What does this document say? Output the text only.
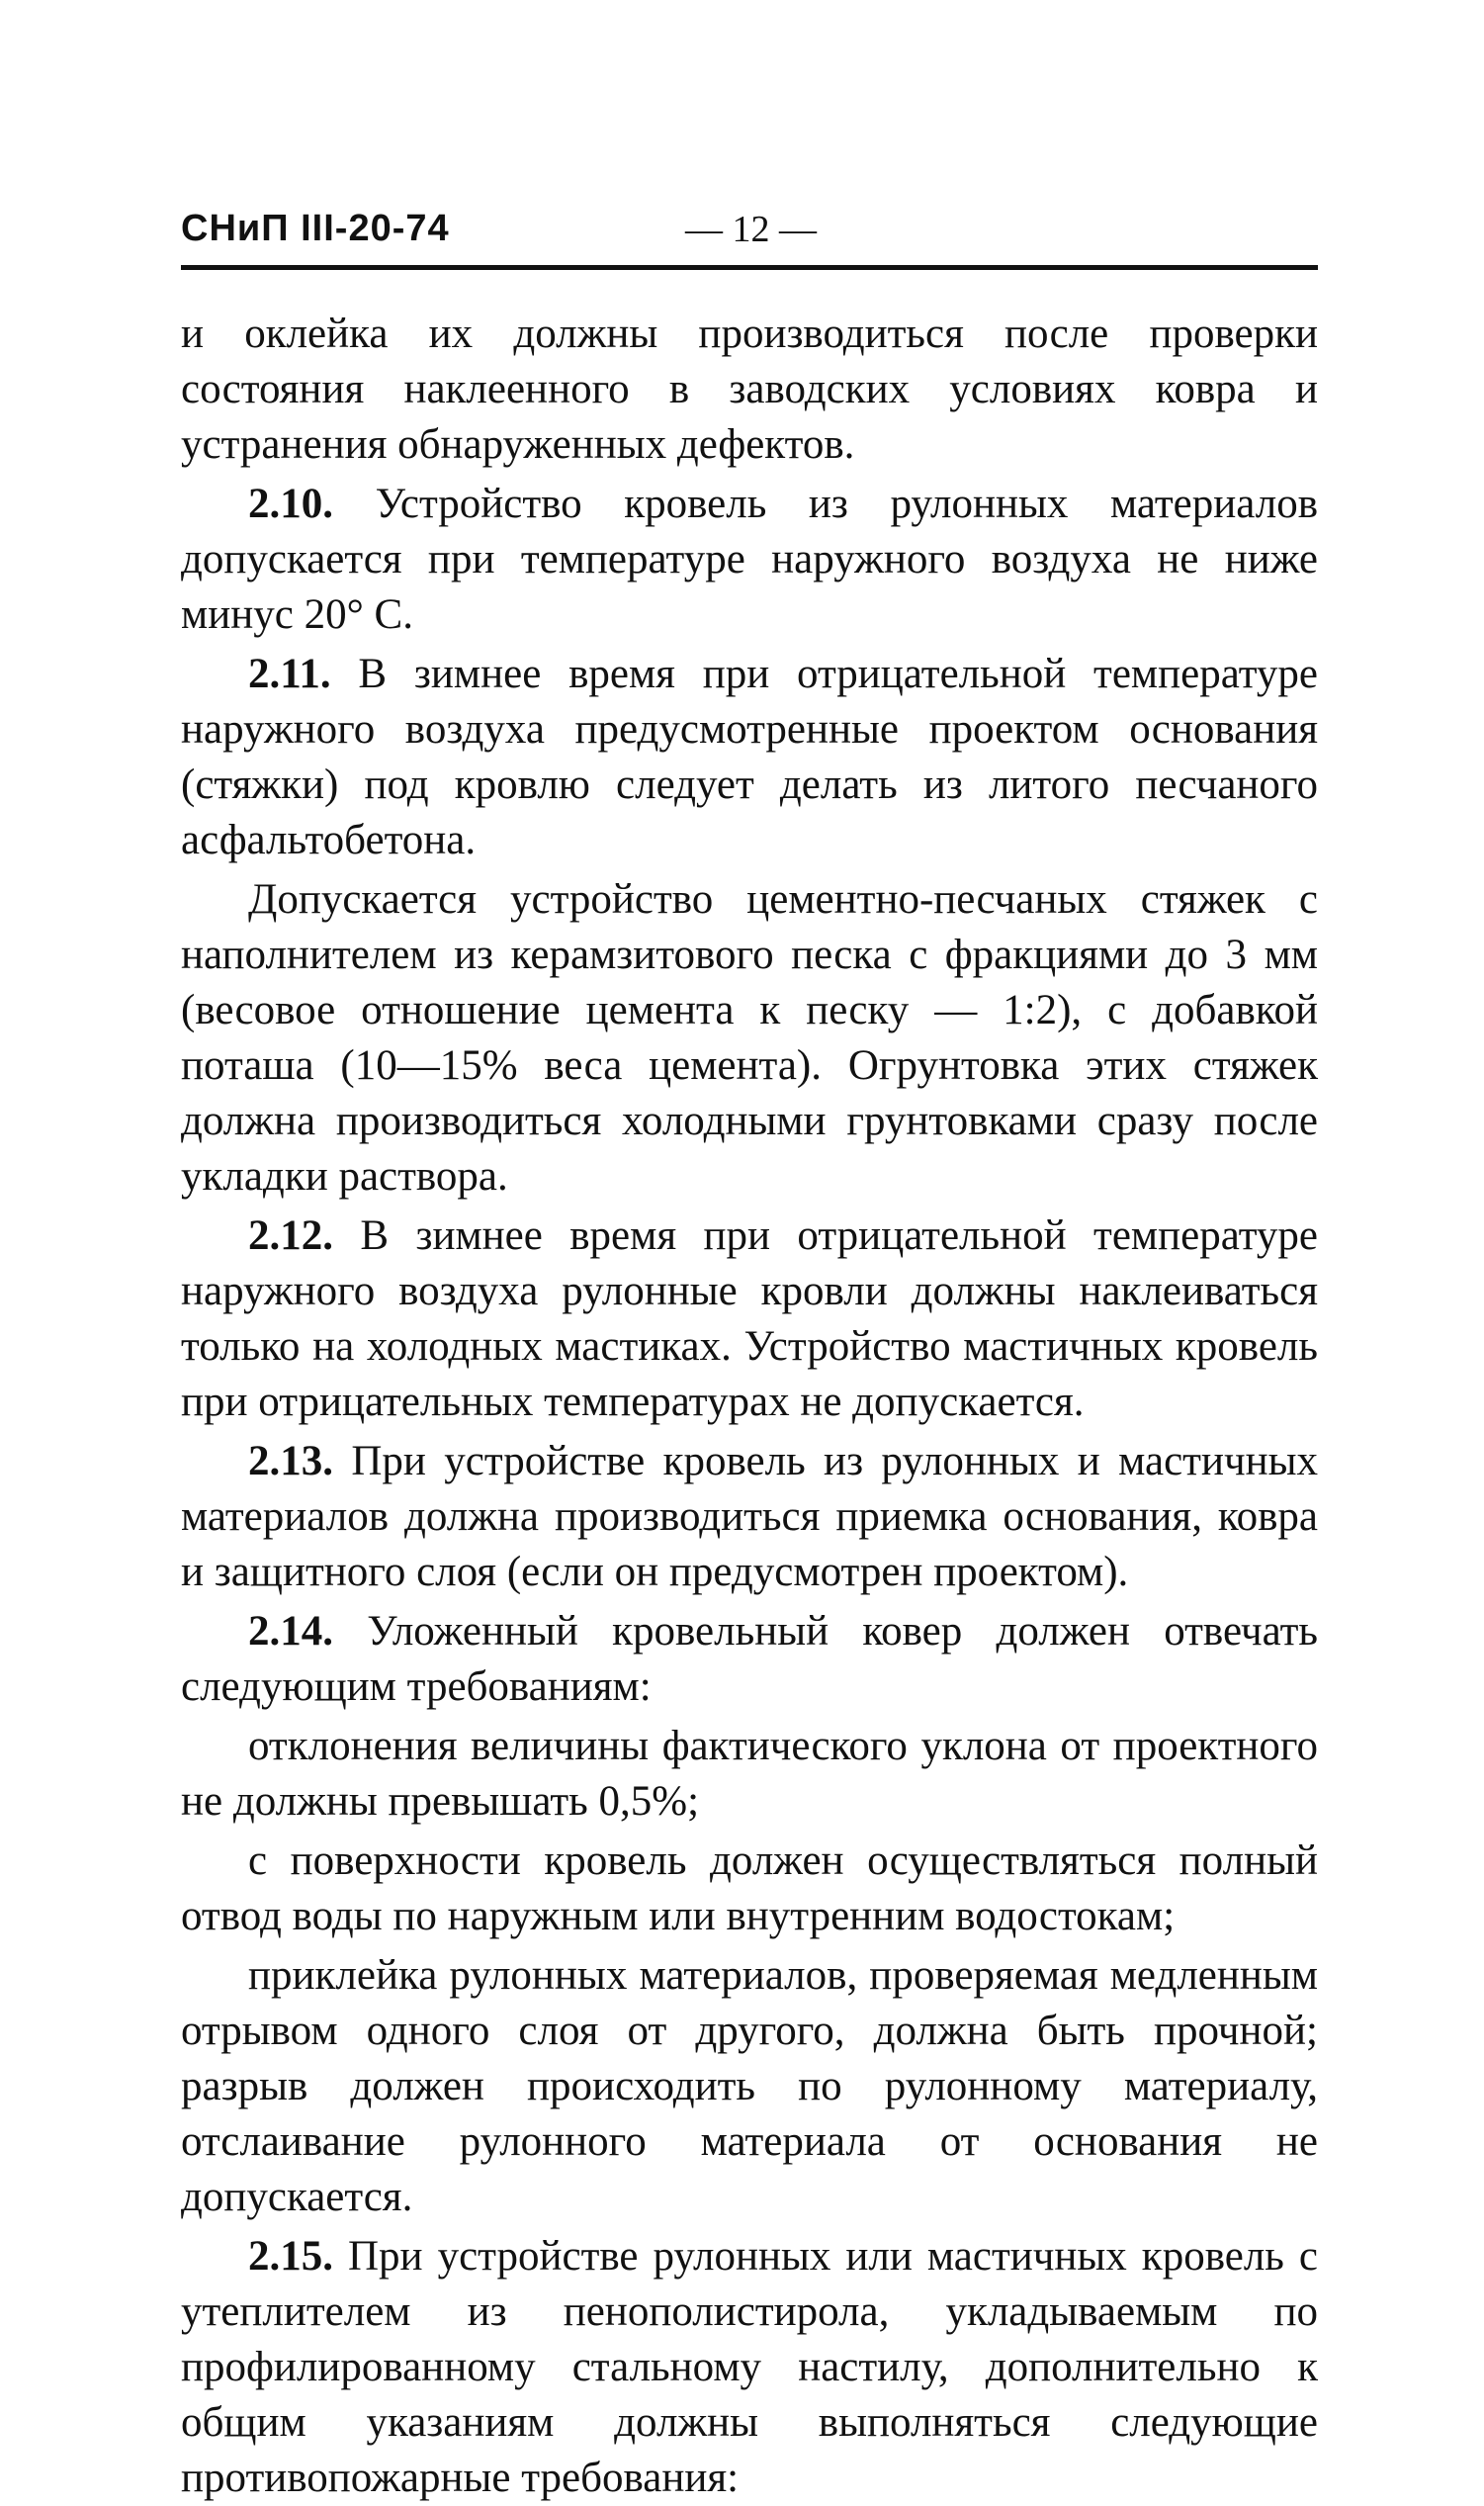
СНиП III-20-74	— 12 —

и оклейка их должны производиться после проверки состояния наклеенного в заводских условиях ковра и устранения обнаруженных дефектов.

2.10. Устройство кровель из рулонных материалов допускается при температуре наружного воздуха не ниже минус 20° С.

2.11. В зимнее время при отрицательной температуре наружного воздуха предусмотренные проектом основания (стяжки) под кровлю следует делать из литого песчаного асфальтобетона.

Допускается устройство цементно-песчаных стяжек с наполнителем из керамзитового песка с фракциями до 3 мм (весовое отношение цемента к песку — 1:2), с добавкой поташа (10—15% веса цемента). Огрунтовка этих стяжек должна производиться холодными грунтовками сразу после укладки раствора.

2.12. В зимнее время при отрицательной температуре наружного воздуха рулонные кровли должны наклеиваться только на холодных мастиках. Устройство мастичных кровель при отрицательных температурах не допускается.

2.13. При устройстве кровель из рулонных и мастичных материалов должна производиться приемка основания, ковра и защитного слоя (если он предусмотрен проектом).

2.14. Уложенный кровельный ковер должен отвечать следующим требованиям:

отклонения величины фактического уклона от проектного не должны превышать 0,5%;

с поверхности кровель должен осуществляться полный отвод воды по наружным или внутренним водостокам;

приклейка рулонных материалов, проверяемая медленным отрывом одного слоя от другого, должна быть прочной; разрыв должен происходить по рулонному материалу, отслаивание рулонного материала от основания не допускается.

2.15. При устройстве рулонных или мастичных кровель с утеплителем из пенополистирола, укладываемым по профилированному стальному настилу, дополнительно к общим указаниям должны выполняться следующие противопожарные требования:
